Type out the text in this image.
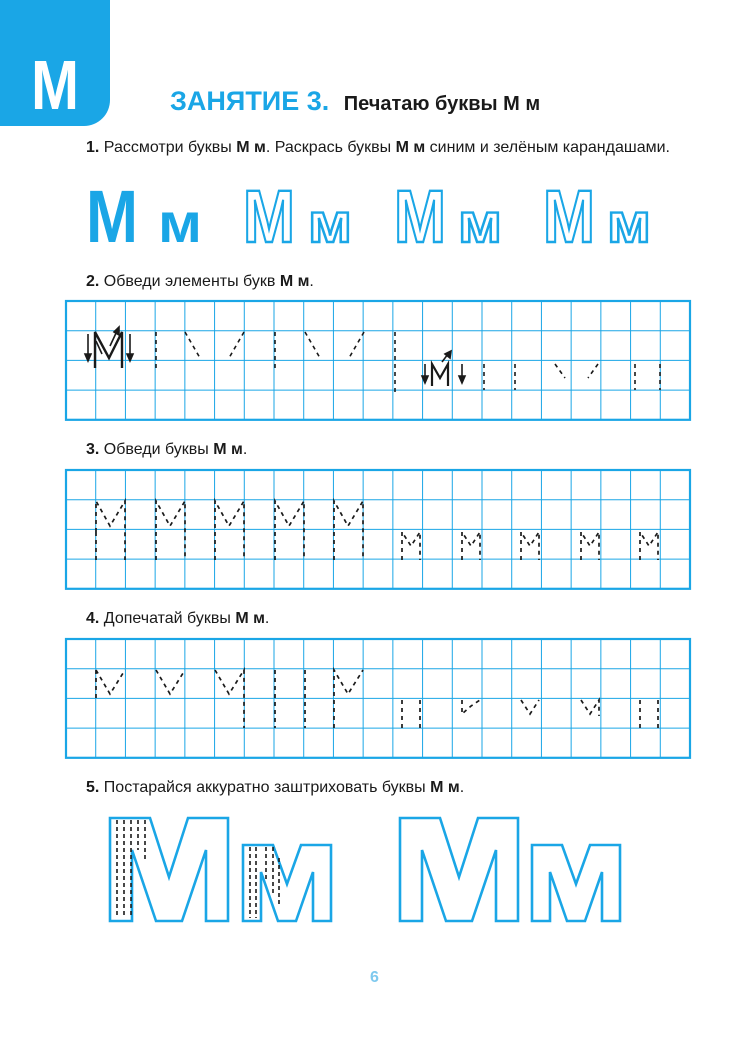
М	ЗАНЯТИЕ 3. Печатаю буквы М м
1. Рассмотри буквы М м. Раскрась буквы М м синим и зелёным карандашами.
2. Обведи элементы букв М м.
3. Обведи буквы М м.
4. Допечатай буквы М м.
5. Постарайся аккуратно заштриховать буквы М м.
М м М м М м М м
6
